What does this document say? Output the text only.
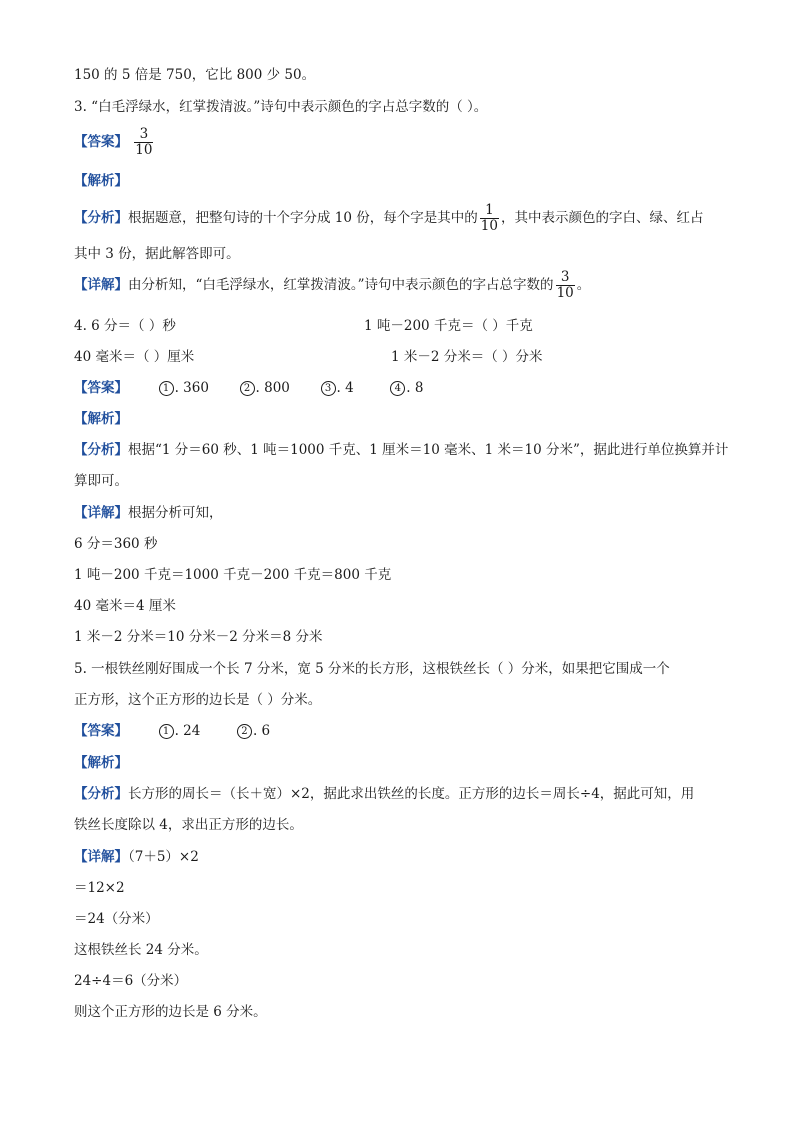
150 的 5 倍是 750，它比 800 少 50。
3. “白毛浮绿水，红掌拨清波。”诗句中表示颜色的字占总字数的（ ）。
【答案】 $\frac{3}{10}$
【解析】
【分析】根据题意，把整句诗的十个字分成 10 份，每个字是其中的 $\frac{1}{10}$ ，其中表示颜色的字白、绿、红占
其中 3 份，据此解答即可。
【详解】由分析知，“白毛浮绿水，红掌拨清波。”诗句中表示颜色的字占总字数的 $\frac{3}{10}$ 。
4. 6 分＝（ ）秒	1 吨－200 千克＝（ ）千克
40 毫米＝（ ）厘米	1 米－2 分米＝（ ）分米
【答案】	1 . 360	2 . 800	3 . 4	4 . 8
【解析】
【分析】根据“1 分＝60 秒、1 吨＝1000 千克、1 厘米＝10 毫米、1 米＝10 分米”，据此进行单位换算并计
算即可。
【详解】根据分析可知，
6 分＝360 秒
1 吨－200 千克＝1000 千克－200 千克＝800 千克
40 毫米＝4 厘米
1 米－2 分米＝10 分米－2 分米＝8 分米
5. 一根铁丝刚好围成一个长 7 分米，宽 5 分米的长方形，这根铁丝长（ ）分米，如果把它围成一个
正方形，这个正方形的边长是（ ）分米。
【答案】	1 . 24	2 . 6
【解析】
【分析】长方形的周长＝（长＋宽）×2，据此求出铁丝的长度。正方形的边长＝周长÷4，据此可知，用
铁丝长度除以 4，求出正方形的边长。
【详解】（7＋5）×2
＝12×2
＝24（分米）
这根铁丝长 24 分米。
24÷4＝6（分米）
则这个正方形的边长是 6 分米。
